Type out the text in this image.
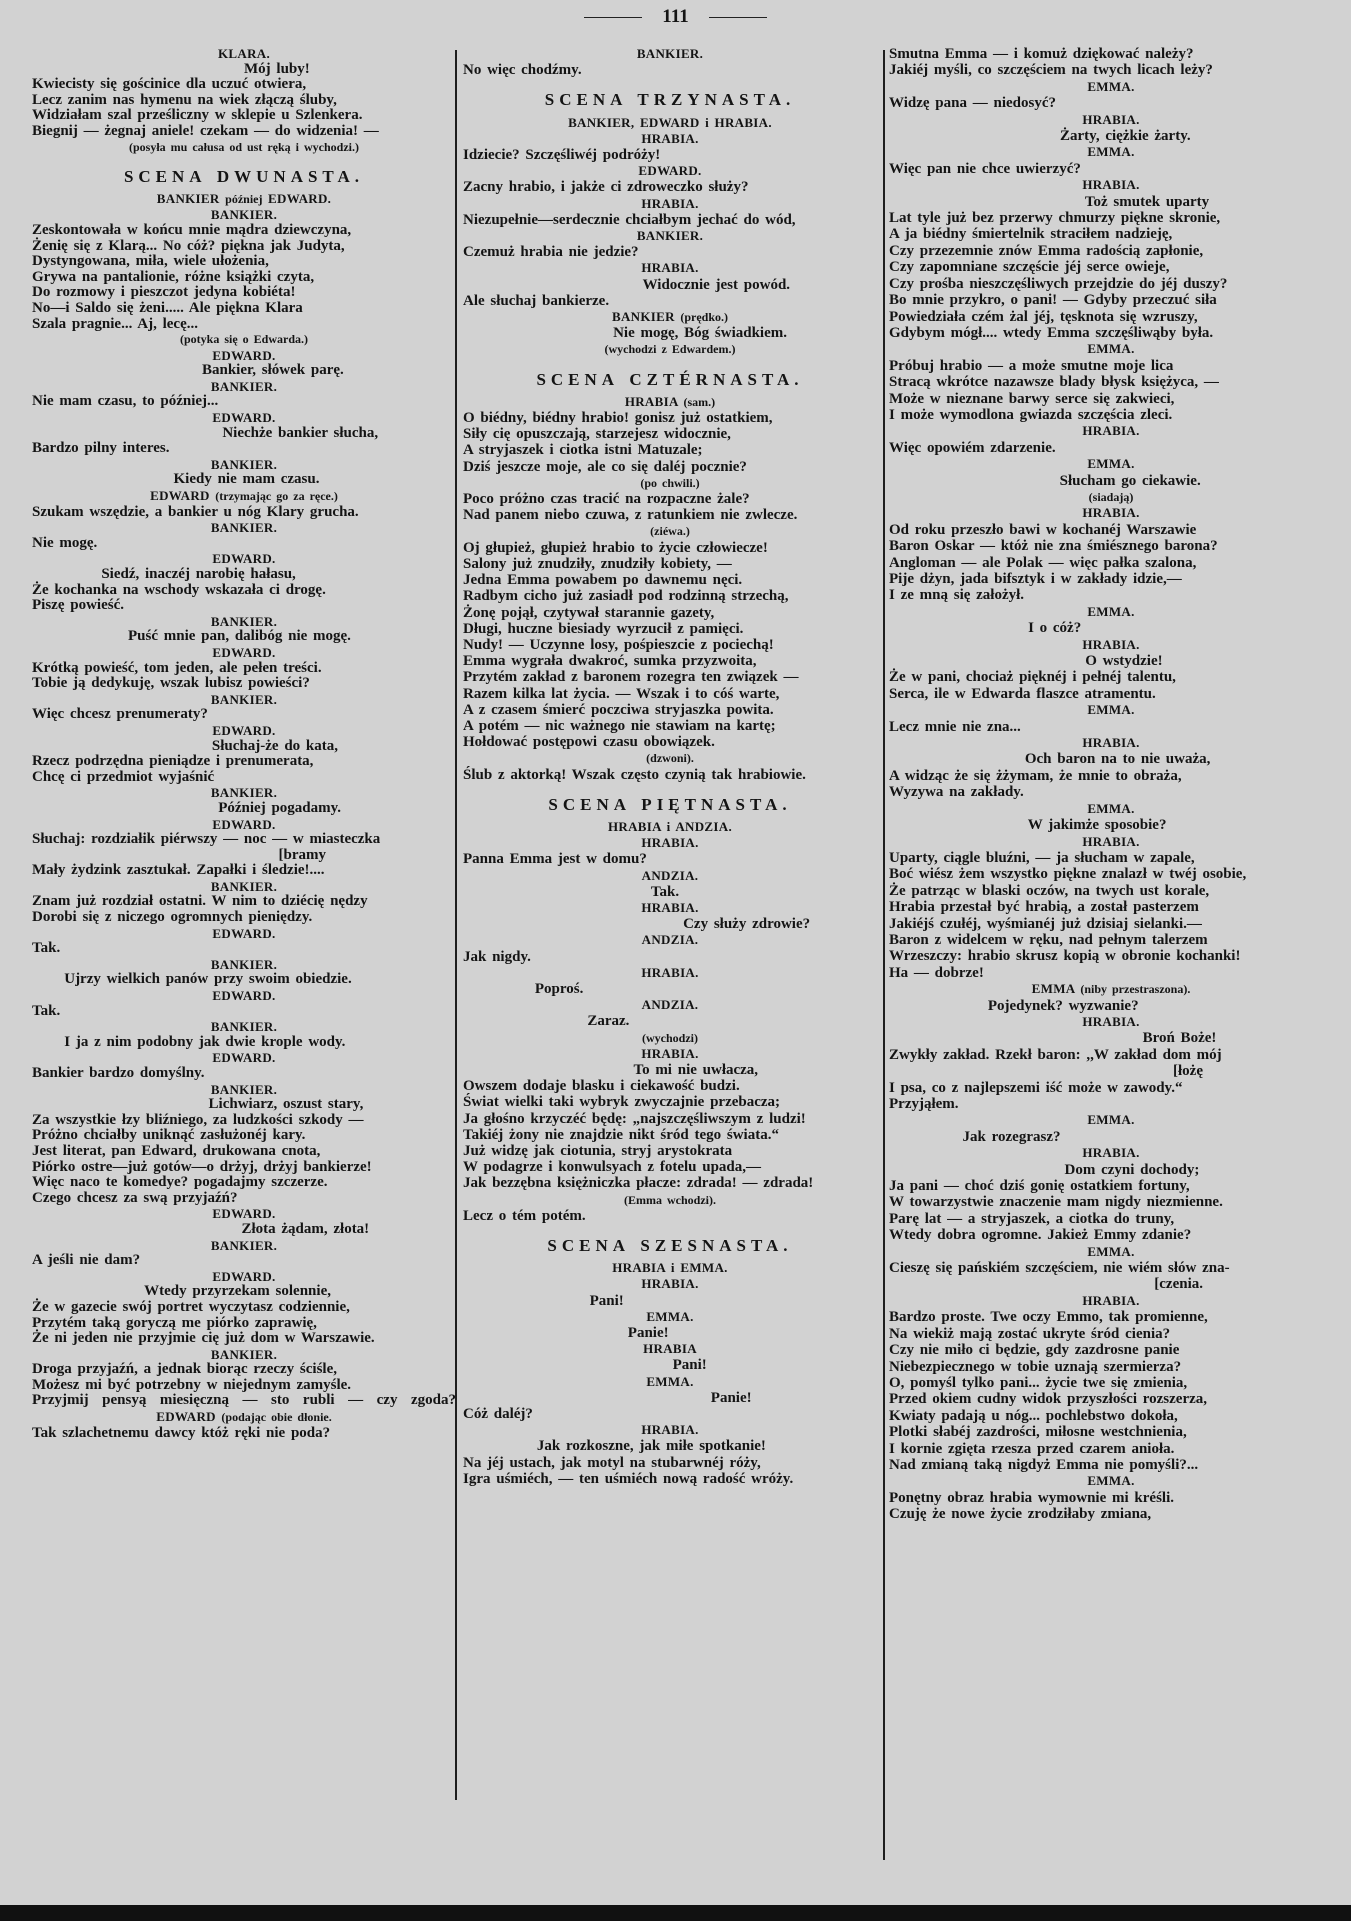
111
KLARA.
Mój luby!
Kwiecisty się gościnice dla uczuć otwiera,
Lecz zanim nas hymenu na wiek złączą śluby,
Widziałam szal prześliczny w sklepie u Szlenkera.
Biegnij — żegnaj aniele! czekam — do widzenia! —
(posyła mu całusa od ust ręką i wychodzi.)
SCENA DWUNASTA.
BANKIER później EDWARD.
BANKIER.
Zeskontowała w końcu mnie mądra dziewczyna,
Żenię się z Klarą... No cóż? piękna jak Judyta,
Dystyngowana, miła, wiele ułożenia,
Grywa na pantalionie, różne książki czyta,
Do rozmowy i pieszczot jedyna kobiéta!
No—i Saldo się żeni..... Ale piękna Klara
Szala pragnie... Aj, lecę...
(potyka się o Edwarda.)
EDWARD.
Bankier, słówek parę.
BANKIER.
Nie mam czasu, to później...
EDWARD.
Niechże bankier słucha,
Bardzo pilny interes.
BANKIER.
Kiedy nie mam czasu.
EDWARD (trzymając go za ręce.)
Szukam wszędzie, a bankier u nóg Klary grucha.
BANKIER.
Nie mogę.
EDWARD.
Siedź, inaczéj narobię hałasu,
Że kochanka na wschody wskazała ci drogę.
Piszę powieść.
BANKIER.
Puść mnie pan, dalibóg nie mogę.
EDWARD.
Krótką powieść, tom jeden, ale pełen treści.
Tobie ją dedykuję, wszak lubisz powieści?
BANKIER.
Więc chcesz prenumeraty?
EDWARD.
Słuchaj-że do kata,
Rzecz podrzędna pieniądze i prenumerata,
Chcę ci przedmiot wyjaśnić
BANKIER.
Później pogadamy.
EDWARD.
Słuchaj: rozdziałik piérwszy — noc — w miasteczka
[bramy
Mały żydzink zasztukał. Zapałki i śledzie!....
BANKIER.
Znam już rozdział ostatni. W nim to dziécię nędzy
Dorobi się z niczego ogromnych pieniędzy.
EDWARD.
Tak.
BANKIER.
Ujrzy wielkich panów przy swoim obiedzie.
EDWARD.
Tak.
BANKIER.
I ja z nim podobny jak dwie krople wody.
EDWARD.
Bankier bardzo domyślny.
BANKIER.
Lichwiarz, oszust stary,
Za wszystkie łzy bliźniego, za ludzkości szkody —
Próżno chciałby uniknąć zasłużonéj kary.
Jest literat, pan Edward, drukowana cnota,
Piórko ostre—już gotów—o drżyj, drżyj bankierze!
Więc naco te komedye? pogadajmy szczerze.
Czego chcesz za swą przyjaźń?
EDWARD.
Złota żądam, złota!
BANKIER.
A jeśli nie dam?
EDWARD.
Wtedy przyrzekam solennie,
Że w gazecie swój portret wyczytasz codziennie,
Przytém taką goryczą me piórko zaprawię,
Że ni jeden nie przyjmie cię już dom w Warszawie.
BANKIER.
Droga przyjaźń, a jednak biorąc rzeczy ściśle,
Możesz mi być potrzebny w niejednym zamyśle.
Przyjmij pensyą miesięczną — sto rubli — czy zgoda?
EDWARD (podając obie dłonie.
Tak szlachetnemu dawcy któż ręki nie poda?
BANKIER.
No więc chodźmy.
SCENA TRZYNASTA.
BANKIER, EDWARD i HRABIA.
HRABIA.
Idziecie? Szczęśliwéj podróży!
EDWARD.
Zacny hrabio, i jakże ci zdroweczko służy?
HRABIA.
Niezupełnie—serdecznie chciałbym jechać do wód,
BANKIER.
Czemuż hrabia nie jedzie?
HRABIA.
Widocznie jest powód.
Ale słuchaj bankierze.
BANKIER (prędko.)
Nie mogę, Bóg świadkiem.
(wychodzi z Edwardem.)
SCENA CZTÉRNASTA.
HRABIA (sam.)
O biédny, biédny hrabio! gonisz już ostatkiem,
Siły cię opuszczają, starzejesz widocznie,
A stryjaszek i ciotka istni Matuzale;
Dziś jeszcze moje, ale co się daléj pocznie?
(po chwili.)
Poco próżno czas tracić na rozpaczne żale?
Nad panem niebo czuwa, z ratunkiem nie zwlecze.
(ziéwa.)
Oj głupież, głupież hrabio to życie człowiecze!
Salony już znudziły, znudziły kobiety, —
Jedna Emma powabem po dawnemu nęci.
Radbym cicho już zasiadł pod rodzinną strzechą,
Żonę pojął, czytywał starannie gazety,
Długi, huczne biesiady wyrzucił z pamięci.
Nudy! — Uczynne losy, pośpieszcie z pociechą!
Emma wygrała dwakroć, sumka przyzwoita,
Przytém zakład z baronem rozegra ten związek —
Razem kilka lat życia. — Wszak i to cóś warte,
A z czasem śmierć poczciwa stryjaszka powita.
A potém — nic ważnego nie stawiam na kartę;
Hołdować postępowi czasu obowiązek.
(dzwoni).
Ślub z aktorką! Wszak często czynią tak hrabiowie.
SCENA PIĘTNASTA.
HRABIA i ANDZIA.
HRABIA.
Panna Emma jest w domu?
ANDZIA.
Tak.
HRABIA.
Czy służy zdrowie?
ANDZIA.
Jak nigdy.
HRABIA.
Poproś.
ANDZIA.
Zaraz.
(wychodzi)
HRABIA.
To mi nie uwłacza,
Owszem dodaje blasku i ciekawość budzi.
Świat wielki taki wybryk zwyczajnie przebacza;
Ja głośno krzyczéć będę: „najszczęśliwszym z ludzi!
Takiéj żony nie znajdzie nikt śród tego świata.“
Już widzę jak ciotunia, stryj arystokrata
W podagrze i konwulsyach z fotelu upada,—
Jak bezzębna księżniczka płacze: zdrada! — zdrada!
(Emma wchodzi).
Lecz o tém potém.
SCENA SZESNASTA.
HRABIA i EMMA.
HRABIA.
Pani!
EMMA.
Panie!
HRABIA
Pani!
EMMA.
Panie!
Cóż daléj?
HRABIA.
Jak rozkoszne, jak miłe spotkanie!
Na jéj ustach, jak motyl na stubarwnéj róży,
Igra uśmiéch, — ten uśmiéch nową radość wróży.
Smutna Emma — i komuż dziękować należy?
Jakiéj myśli, co szczęściem na twych licach leży?
EMMA.
Widzę pana — niedosyć?
HRABIA.
Żarty, ciężkie żarty.
EMMA.
Więc pan nie chce uwierzyć?
HRABIA.
Toż smutek uparty
Lat tyle już bez przerwy chmurzy piękne skronie,
A ja biédny śmiertelnik straciłem nadzieję,
Czy przezemnie znów Emma radością zapłonie,
Czy zapomniane szczęście jéj serce owieje,
Czy prośba nieszczęśliwych przejdzie do jéj duszy?
Bo mnie przykro, o pani! — Gdyby przeczuć siła
Powiedziała czém żal jéj, tęsknota się wzruszy,
Gdybym mógł.... wtedy Emma szczęśliwąby była.
EMMA.
Próbuj hrabio — a może smutne moje lica
Stracą wkrótce nazawsze blady błysk księżyca, —
Może w nieznane barwy serce się zakwieci,
I może wymodlona gwiazda szczęścia zleci.
HRABIA.
Więc opowiém zdarzenie.
EMMA.
Słucham go ciekawie.
(siadają)
HRABIA.
Od roku przeszło bawi w kochanéj Warszawie
Baron Oskar — któż nie zna śmiésznego barona?
Angloman — ale Polak — więc pałka szalona,
Pije dżyn, jada bifsztyk i w zakłady idzie,—
I ze mną się założył.
EMMA.
I o cóż?
HRABIA.
O wstydzie!
Że w pani, chociaż pięknéj i pełnéj talentu,
Serca, ile w Edwarda flaszce atramentu.
EMMA.
Lecz mnie nie zna...
HRABIA.
Och baron na to nie uważa,
A widząc że się żżymam, że mnie to obraża,
Wyzywa na zakłady.
EMMA.
W jakimże sposobie?
HRABIA.
Uparty, ciągle bluźni, — ja słucham w zapale,
Boć wiész żem wszystko piękne znalazł w twéj osobie,
Że patrząc w blaski oczów, na twych ust korale,
Hrabia przestał być hrabią, a został pasterzem
Jakiéjś czułéj, wyśmianéj już dzisiaj sielanki.—
Baron z widelcem w ręku, nad pełnym talerzem
Wrzeszczy: hrabio skrusz kopią w obronie kochanki!
Ha — dobrze!
EMMA (niby przestraszona).
Pojedynek? wyzwanie?
HRABIA.
Broń Boże!
Zwykły zakład. Rzekł baron: ,,W zakład dom mój
[łożę
I psa, co z najlepszemi iść może w zawody.“
Przyjąłem.
EMMA.
Jak rozegrasz?
HRABIA.
Dom czyni dochody;
Ja pani — choć dziś gonię ostatkiem fortuny,
W towarzystwie znaczenie mam nigdy niezmienne.
Parę lat — a stryjaszek, a ciotka do truny,
Wtedy dobra ogromne. Jakież Emmy zdanie?
EMMA.
Cieszę się pańskiém szczęściem, nie wiém słów zna-
[czenia.
HRABIA.
Bardzo proste. Twe oczy Emmo, tak promienne,
Na wiekiż mają zostać ukryte śród cienia?
Czy nie miło ci będzie, gdy zazdrosne panie
Niebezpiecznego w tobie uznają szermierza?
O, pomyśl tylko pani... życie twe się zmienia,
Przed okiem cudny widok przyszłości rozszerza,
Kwiaty padają u nóg... pochlebstwo dokoła,
Plotki słabéj zazdrości, miłosne westchnienia,
I kornie zgięta rzesza przed czarem anioła.
Nad zmianą taką nigdyż Emma nie pomyśli?...
EMMA.
Ponętny obraz hrabia wymownie mi kréśli.
Czuję że nowe życie zrodziłaby zmiana,
